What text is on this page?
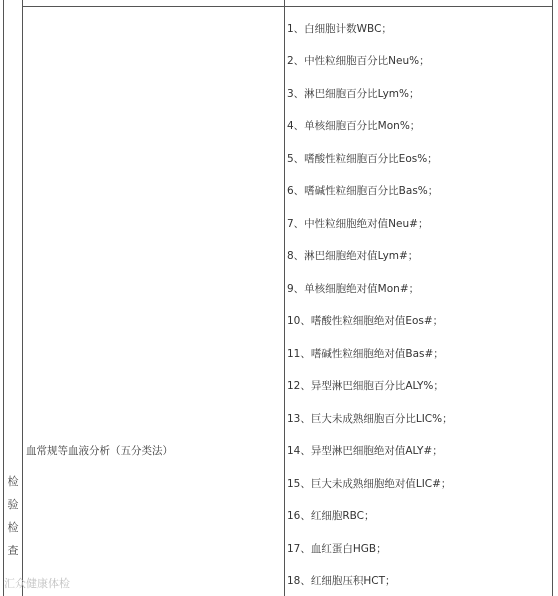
检
验
检
查
血常规等血液分析（五分类法）
1、白细胞计数WBC；
2、中性粒细胞百分比Neu%；
3、淋巴细胞百分比Lym%；
4、单核细胞百分比Mon%；
5、嗜酸性粒细胞百分比Eos%；
6、嗜碱性粒细胞百分比Bas%；
7、中性粒细胞绝对值Neu#；
8、淋巴细胞绝对值Lym#；
9、单核细胞绝对值Mon#；
10、嗜酸性粒细胞绝对值Eos#；
11、嗜碱性粒细胞绝对值Bas#；
12、异型淋巴细胞百分比ALY%；
13、巨大未成熟细胞百分比LIC%；
14、异型淋巴细胞绝对值ALY#；
15、巨大未成熟细胞绝对值LIC#；
16、红细胞RBC；
17、血红蛋白HGB；
18、红细胞压积HCT；
汇众健康体检
